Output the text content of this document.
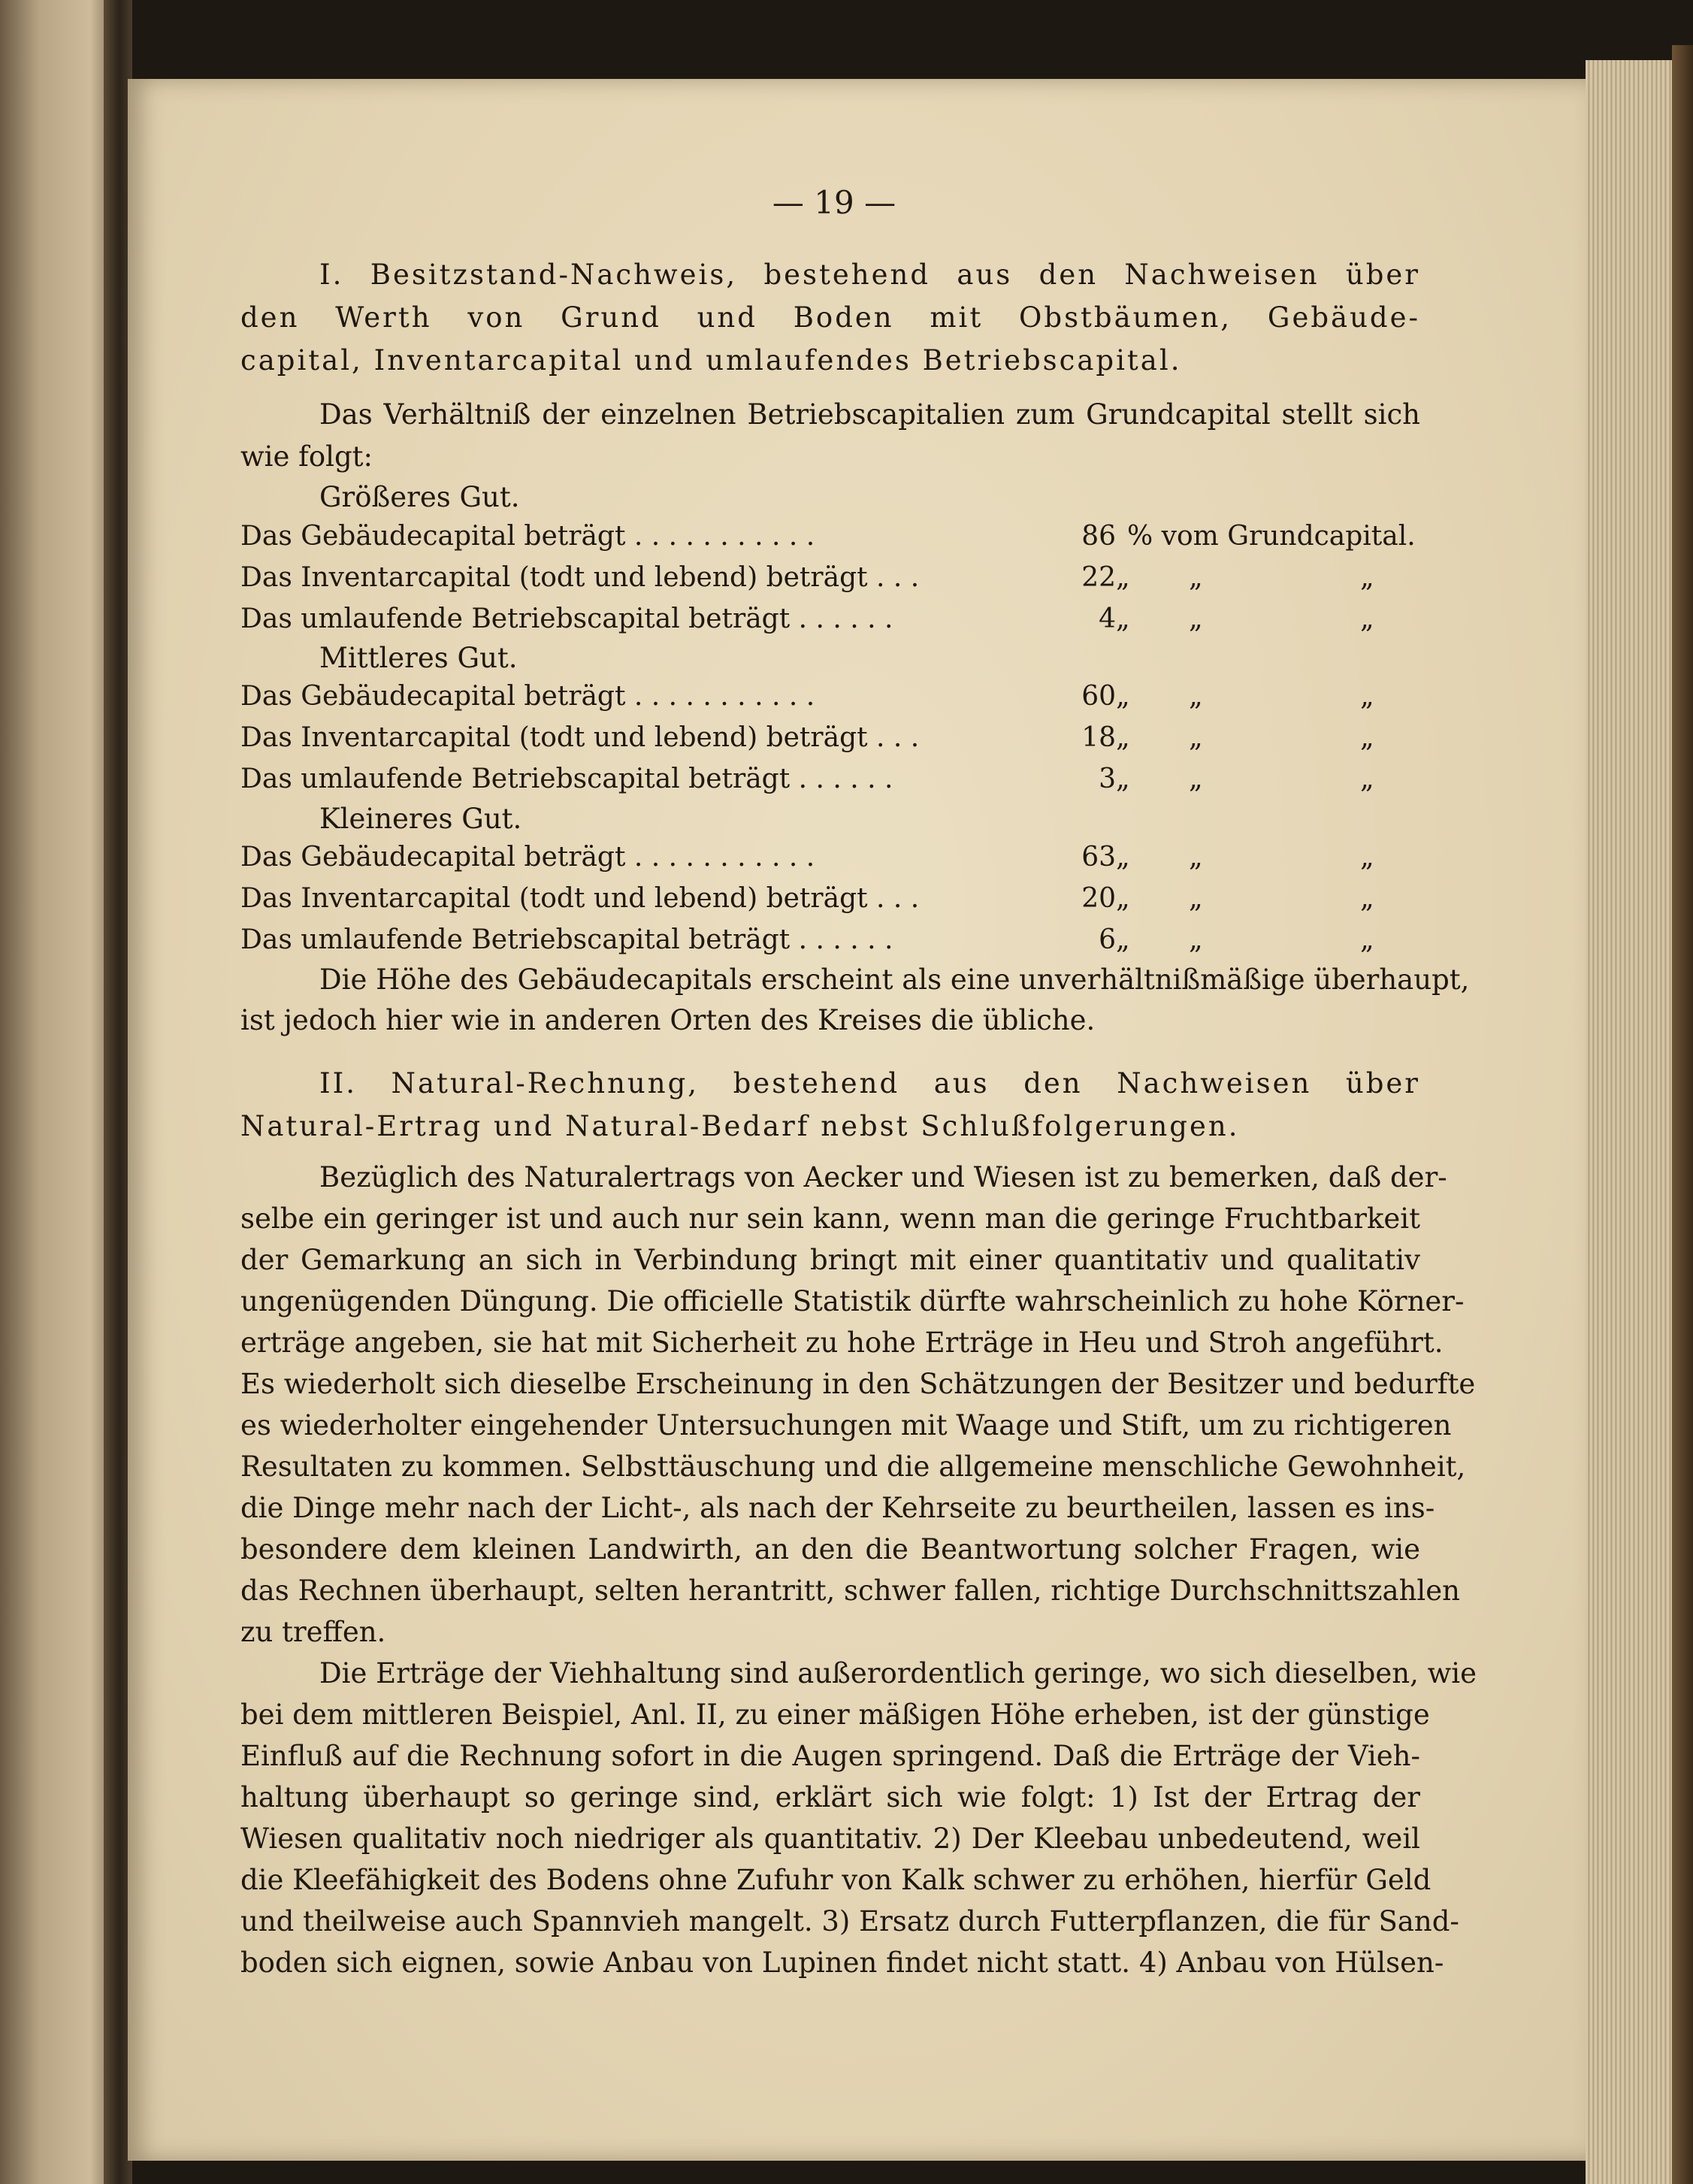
— 19 —
I. Besitzstand-Nachweis, bestehend aus den Nachweisen über
den Werth von Grund und Boden mit Obstbäumen, Gebäude-
capital, Inventarcapital und umlaufendes Betriebscapital.
Das Verhältniß der einzelnen Betriebscapitalien zum Grundcapital stellt sich
wie folgt:
Größeres Gut.
Das Gebäudecapital beträgt . . . . . . . . . . .	86 % vom Grundcapital.
Das Inventarcapital (todt und lebend) beträgt . . .	22 „ „	„
Das umlaufende Betriebscapital beträgt . . . . . .	4 „ „	„
Mittleres Gut.
Das Gebäudecapital beträgt . . . . . . . . . . .	60 „ „	„
Das Inventarcapital (todt und lebend) beträgt . . .	18 „ „	„
Das umlaufende Betriebscapital beträgt . . . . . .	3 „ „	„
Kleineres Gut.
Das Gebäudecapital beträgt . . . . . . . . . . .	63 „ „	„
Das Inventarcapital (todt und lebend) beträgt . . .	20 „ „	„
Das umlaufende Betriebscapital beträgt . . . . . .	6 „ „	„
Die Höhe des Gebäudecapitals erscheint als eine unverhältnißmäßige überhaupt,
ist jedoch hier wie in anderen Orten des Kreises die übliche.
II. Natural-Rechnung, bestehend aus den Nachweisen über
Natural-Ertrag und Natural-Bedarf nebst Schlußfolgerungen.
Bezüglich des Naturalertrags von Aecker und Wiesen ist zu bemerken, daß der-
selbe ein geringer ist und auch nur sein kann, wenn man die geringe Fruchtbarkeit
der Gemarkung an sich in Verbindung bringt mit einer quantitativ und qualitativ
ungenügenden Düngung. Die officielle Statistik dürfte wahrscheinlich zu hohe Körner-
erträge angeben, sie hat mit Sicherheit zu hohe Erträge in Heu und Stroh angeführt.
Es wiederholt sich dieselbe Erscheinung in den Schätzungen der Besitzer und bedurfte
es wiederholter eingehender Untersuchungen mit Waage und Stift, um zu richtigeren
Resultaten zu kommen. Selbsttäuschung und die allgemeine menschliche Gewohnheit,
die Dinge mehr nach der Licht-, als nach der Kehrseite zu beurtheilen, lassen es ins-
besondere dem kleinen Landwirth, an den die Beantwortung solcher Fragen, wie
das Rechnen überhaupt, selten herantritt, schwer fallen, richtige Durchschnittszahlen
zu treffen.
Die Erträge der Viehhaltung sind außerordentlich geringe, wo sich dieselben, wie
bei dem mittleren Beispiel, Anl. II, zu einer mäßigen Höhe erheben, ist der günstige
Einfluß auf die Rechnung sofort in die Augen springend. Daß die Erträge der Vieh-
haltung überhaupt so geringe sind, erklärt sich wie folgt: 1) Ist der Ertrag der
Wiesen qualitativ noch niedriger als quantitativ. 2) Der Kleebau unbedeutend, weil
die Kleefähigkeit des Bodens ohne Zufuhr von Kalk schwer zu erhöhen, hierfür Geld
und theilweise auch Spannvieh mangelt. 3) Ersatz durch Futterpflanzen, die für Sand-
boden sich eignen, sowie Anbau von Lupinen findet nicht statt. 4) Anbau von Hülsen-
